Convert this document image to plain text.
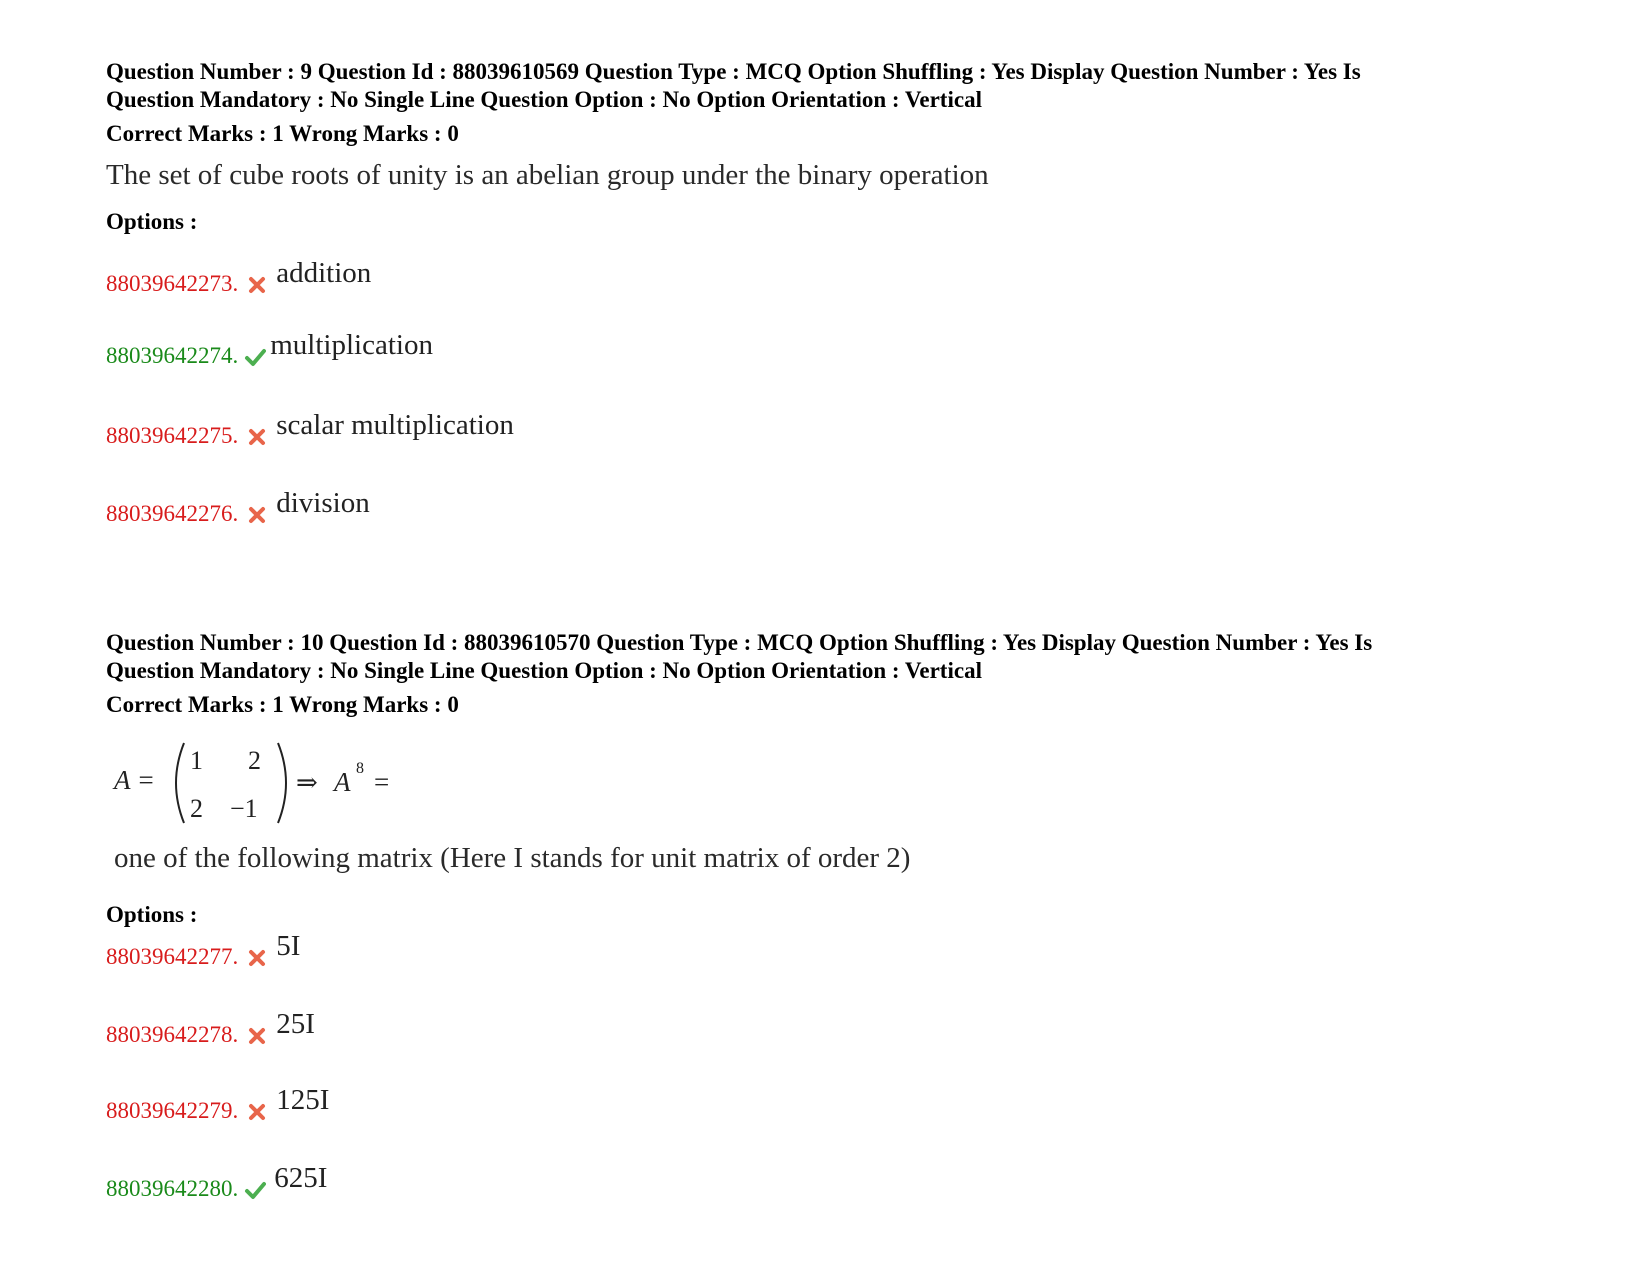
Question Number : 9 Question Id : 88039610569 Question Type : MCQ Option Shuffling : Yes Display Question Number : Yes Is

Question Mandatory : No Single Line Question Option : No Option Orientation : Vertical

Correct Marks : 1 Wrong Marks : 0

The set of cube roots of unity is an abelian group under the binary operation

Options :

88039642273. addition
88039642274. multiplication
88039642275. scalar multiplication
88039642276. division

Question Number : 10 Question Id : 88039610570 Question Type : MCQ Option Shuffling : Yes Display Question Number : Yes Is

Question Mandatory : No Single Line Question Option : No Option Orientation : Vertical

Correct Marks : 1 Wrong Marks : 0

A =
1 2
2 −1
⇒ A 8 =

one of the following matrix (Here I stands for unit matrix of order 2)

Options :

88039642277. 5I
88039642278. 25I
88039642279. 125I
88039642280. 625I
